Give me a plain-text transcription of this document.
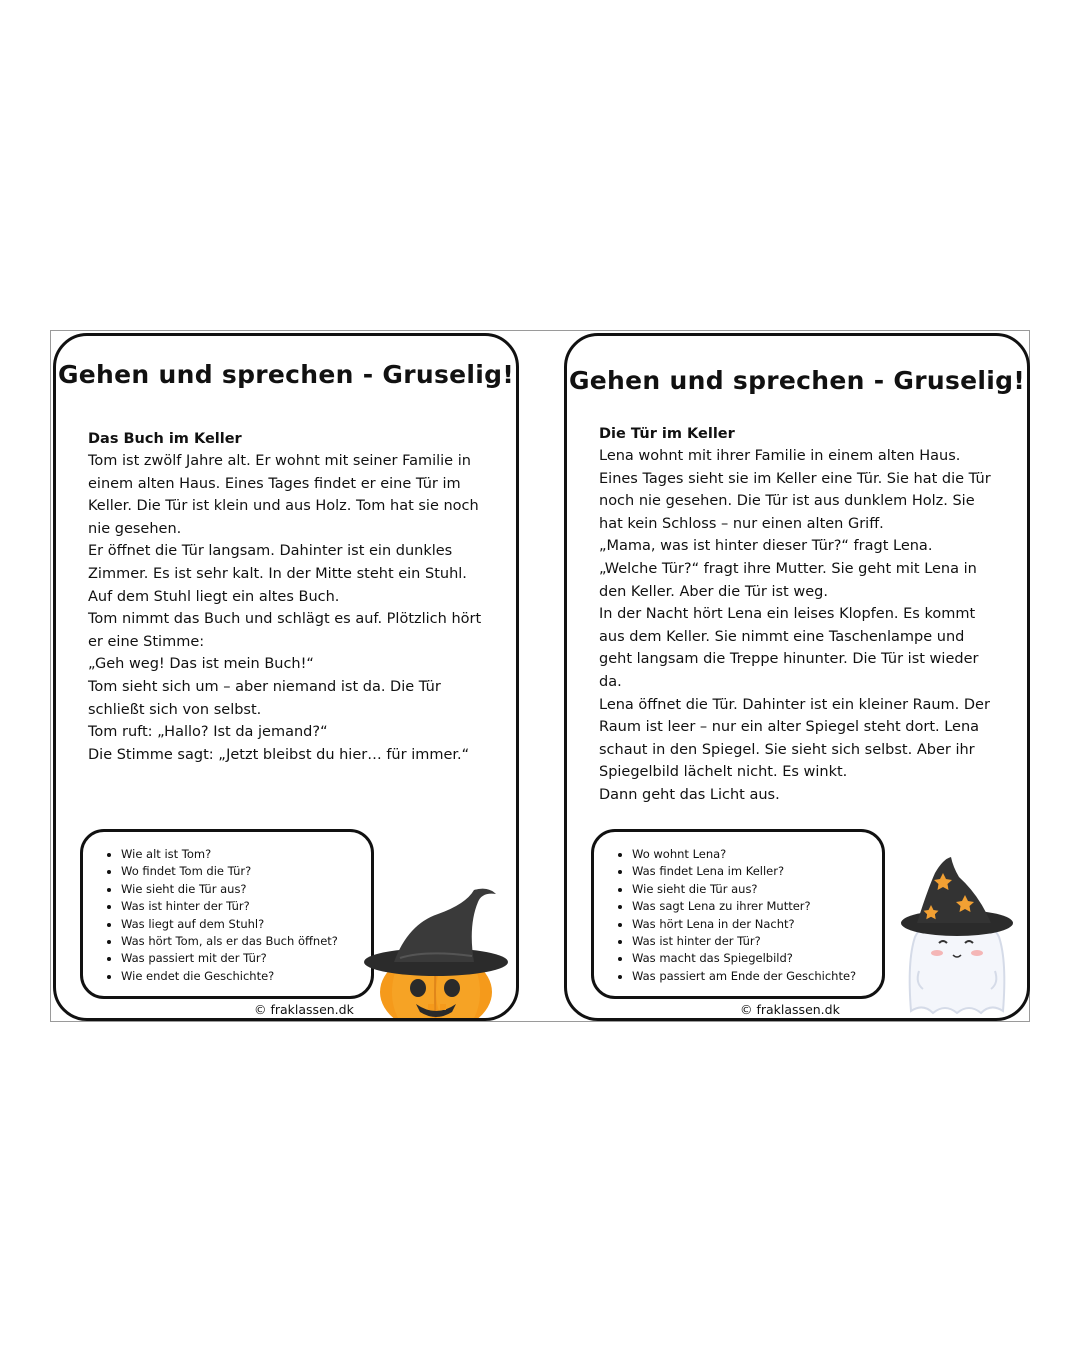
Gehen und sprechen - Gruselig!
Das Buch im Keller

Tom ist zwölf Jahre alt. Er wohnt mit seiner Familie in einem alten Haus. Eines Tages findet er eine Tür im Keller. Die Tür ist klein und aus Holz. Tom hat sie noch nie gesehen.

Er öffnet die Tür langsam. Dahinter ist ein dunkles Zimmer. Es ist sehr kalt. In der Mitte steht ein Stuhl. Auf dem Stuhl liegt ein altes Buch.

Tom nimmt das Buch und schlägt es auf. Plötzlich hört er eine Stimme:

„Geh weg! Das ist mein Buch!“

Tom sieht sich um – aber niemand ist da. Die Tür schließt sich von selbst.

Tom ruft: „Hallo? Ist da jemand?“

Die Stimme sagt: „Jetzt bleibst du hier… für immer.“

• Wie alt ist Tom?
• Wo findet Tom die Tür?
• Wie sieht die Tür aus?
• Was ist hinter der Tür?
• Was liegt auf dem Stuhl?
• Was hört Tom, als er das Buch öffnet?
• Was passiert mit der Tür?
• Wie endet die Geschichte?
© fraklassen.dk
Gehen und sprechen - Gruselig!
Die Tür im Keller

Lena wohnt mit ihrer Familie in einem alten Haus. Eines Tages sieht sie im Keller eine Tür. Sie hat die Tür noch nie gesehen. Die Tür ist aus dunklem Holz. Sie hat kein Schloss – nur einen alten Griff.

„Mama, was ist hinter dieser Tür?“ fragt Lena.

„Welche Tür?“ fragt ihre Mutter. Sie geht mit Lena in den Keller. Aber die Tür ist weg.

In der Nacht hört Lena ein leises Klopfen. Es kommt aus dem Keller. Sie nimmt eine Taschenlampe und geht langsam die Treppe hinunter. Die Tür ist wieder da.

Lena öffnet die Tür. Dahinter ist ein kleiner Raum. Der Raum ist leer – nur ein alter Spiegel steht dort. Lena schaut in den Spiegel. Sie sieht sich selbst. Aber ihr Spiegelbild lächelt nicht. Es winkt.

Dann geht das Licht aus.

• Wo wohnt Lena?
• Was findet Lena im Keller?
• Wie sieht die Tür aus?
• Was sagt Lena zu ihrer Mutter?
• Was hört Lena in der Nacht?
• Was ist hinter der Tür?
• Was macht das Spiegelbild?
• Was passiert am Ende der Geschichte?
© fraklassen.dk
